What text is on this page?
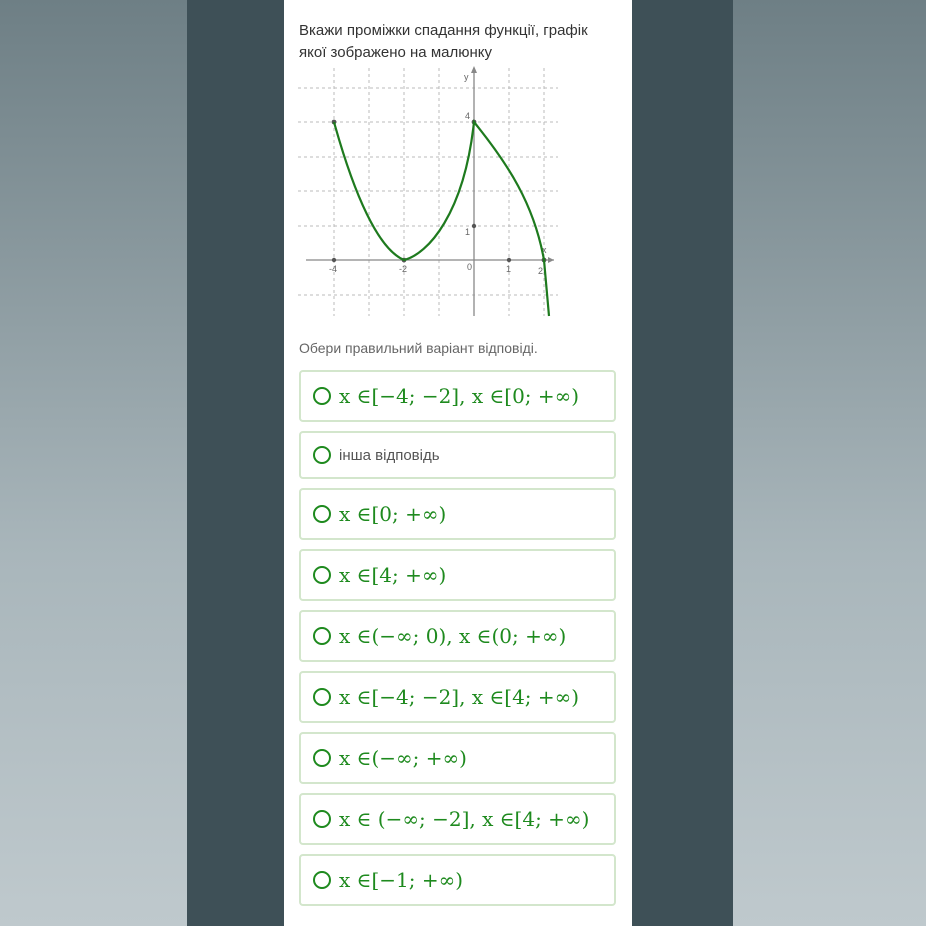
Вкажи проміжки спадання функції, графік якої зображено на малюнку

x
y
-4	-2	0	1	2
4
1

Обери правильний варіант відповіді.

x ∈[−4; −2], x ∈[0; +∞)
інша відповідь
x ∈[0; +∞)
x ∈[4; +∞)
x ∈(−∞; 0), x ∈(0; +∞)
x ∈[−4; −2], x ∈[4; +∞)
x ∈(−∞; +∞)
x ∈ (−∞; −2], x ∈[4; +∞)
x ∈[−1; +∞)
